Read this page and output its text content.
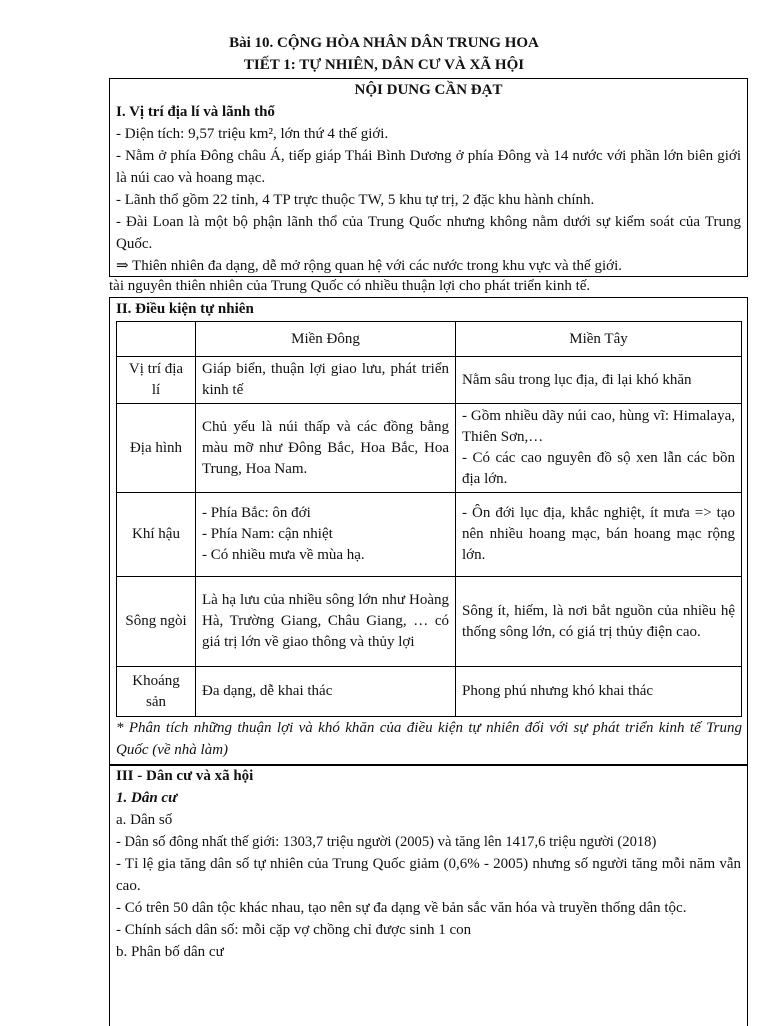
Bài 10. CỘNG HÒA NHÂN DÂN TRUNG HOA
TIẾT 1: TỰ NHIÊN, DÂN CƯ VÀ XÃ HỘI
NỘI DUNG CẦN ĐẠT
I. Vị trí địa lí và lãnh thổ
- Diện tích: 9,57 triệu km², lớn thứ 4 thế giới.
- Nằm ở phía Đông châu Á, tiếp giáp Thái Bình Dương ở phía Đông và 14 nước với phần lớn biên giới là núi cao và hoang mạc.
- Lãnh thổ gồm 22 tỉnh, 4 TP trực thuộc TW, 5 khu tự trị, 2 đặc khu hành chính.
- Đài Loan là một bộ phận lãnh thổ của Trung Quốc nhưng không nằm dưới sự kiểm soát của Trung Quốc.
⇒ Thiên nhiên đa dạng, dễ mở rộng quan hệ với các nước trong khu vực và thế giới.
tài nguyên thiên nhiên của Trung Quốc có nhiều thuận lợi cho phát triển kinh tế.
II. Điều kiện tự nhiên
	Miền Đông	Miền Tây
Vị trí địa lí	Giáp biển, thuận lợi giao lưu, phát triển kinh tế	Nằm sâu trong lục địa, đi lại khó khăn
Địa hình	Chủ yếu là núi thấp và các đồng bằng màu mỡ như Đông Bắc, Hoa Bắc, Hoa Trung, Hoa Nam.	- Gồm nhiều dãy núi cao, hùng vĩ: Himalaya, Thiên Sơn,…
- Có các cao nguyên đồ sộ xen lẫn các bồn địa lớn.

Khí hậu	- Phía Bắc: ôn đới
- Phía Nam: cận nhiệt
- Có nhiều mưa về mùa hạ.	- Ôn đới lục địa, khắc nghiệt, ít mưa => tạo nên nhiều hoang mạc, bán hoang mạc rộng lớn.
Sông ngòi	Là hạ lưu của nhiều sông lớn như Hoàng Hà, Trường Giang, Châu Giang, … có giá trị lớn về giao thông và thủy lợi	Sông ít, hiếm, là nơi bắt nguồn của nhiều hệ thống sông lớn, có giá trị thủy điện cao.
Khoáng sản	Đa dạng, dễ khai thác	Phong phú nhưng khó khai thác
* Phân tích những thuận lợi và khó khăn của điều kiện tự nhiên đối với sự phát triển kinh tế Trung Quốc (về nhà làm)
III - Dân cư và xã hội
1. Dân cư
a. Dân số
- Dân số đông nhất thế giới: 1303,7 triệu người (2005) và tăng lên 1417,6 triệu người (2018)
- Tỉ lệ gia tăng dân số tự nhiên của Trung Quốc giảm (0,6% - 2005) nhưng số người tăng mỗi năm vẫn cao.
- Có trên 50 dân tộc khác nhau, tạo nên sự đa dạng về bản sắc văn hóa và truyền thống dân tộc.
- Chính sách dân số: mỗi cặp vợ chồng chỉ được sinh 1 con
b. Phân bố dân cư
